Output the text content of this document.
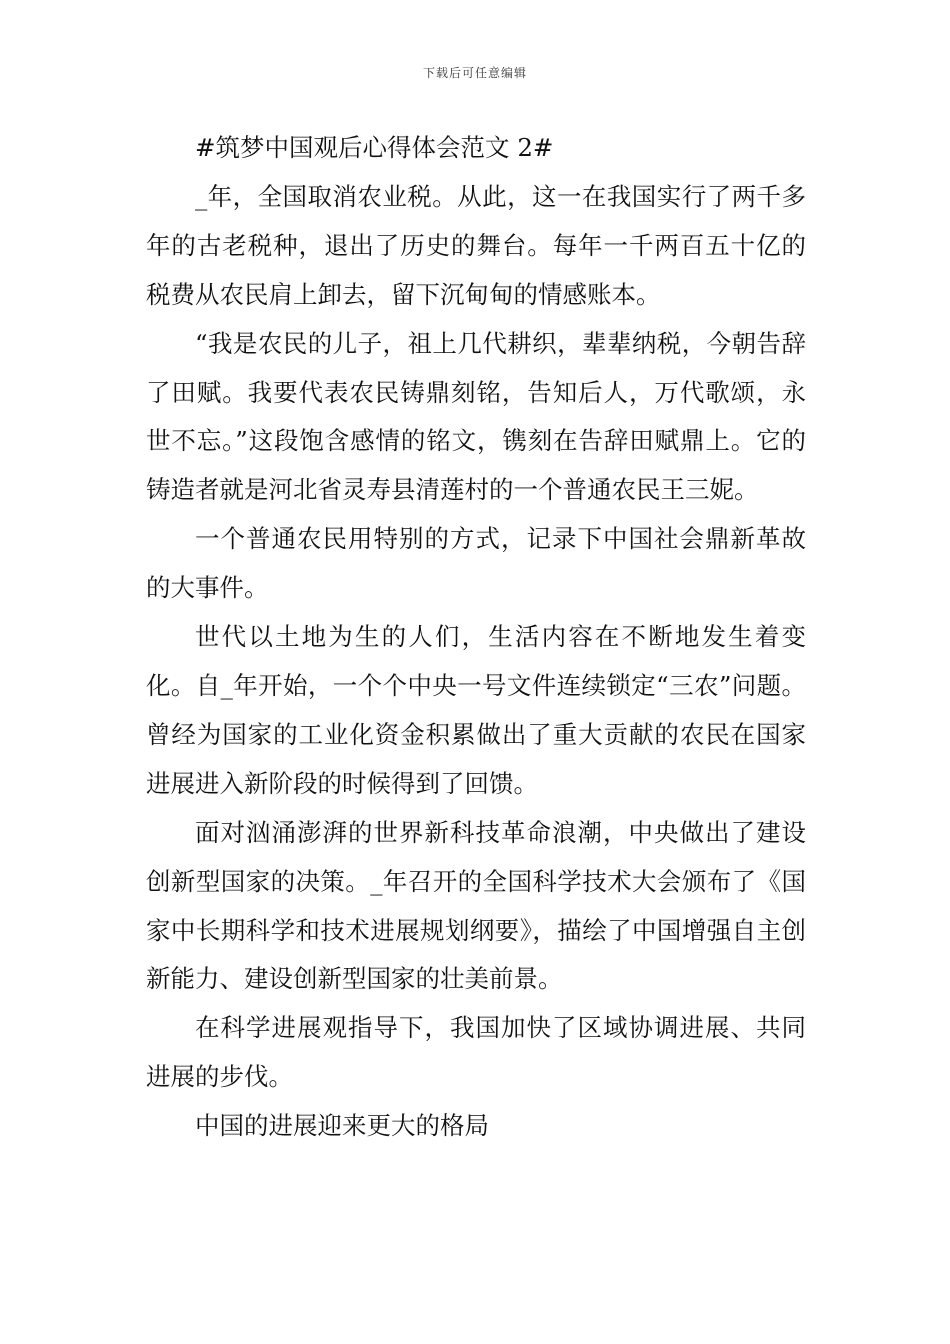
下载后可任意编辑

#筑梦中国观后心得体会范文 2#

_年，全国取消农业税。从此，这一在我国实行了两千多年的古老税种，退出了历史的舞台。每年一千两百五十亿的税费从农民肩上卸去，留下沉甸甸的情感账本。

“我是农民的儿子，祖上几代耕织，辈辈纳税，今朝告辞了田赋。我要代表农民铸鼎刻铭，告知后人，万代歌颂，永世不忘。”这段饱含感情的铭文，镌刻在告辞田赋鼎上。它的铸造者就是河北省灵寿县清莲村的一个普通农民王三妮。

一个普通农民用特别的方式，记录下中国社会鼎新革故的大事件。

世代以土地为生的人们，生活内容在不断地发生着变化。自_年开始，一个个中央一号文件连续锁定“三农”问题。曾经为国家的工业化资金积累做出了重大贡献的农民在国家进展进入新阶段的时候得到了回馈。

面对汹涌澎湃的世界新科技革命浪潮，中央做出了建设创新型国家的决策。_年召开的全国科学技术大会颁布了《国家中长期科学和技术进展规划纲要》，描绘了中国增强自主创新能力、建设创新型国家的壮美前景。

在科学进展观指导下，我国加快了区域协调进展、共同进展的步伐。

中国的进展迎来更大的格局
